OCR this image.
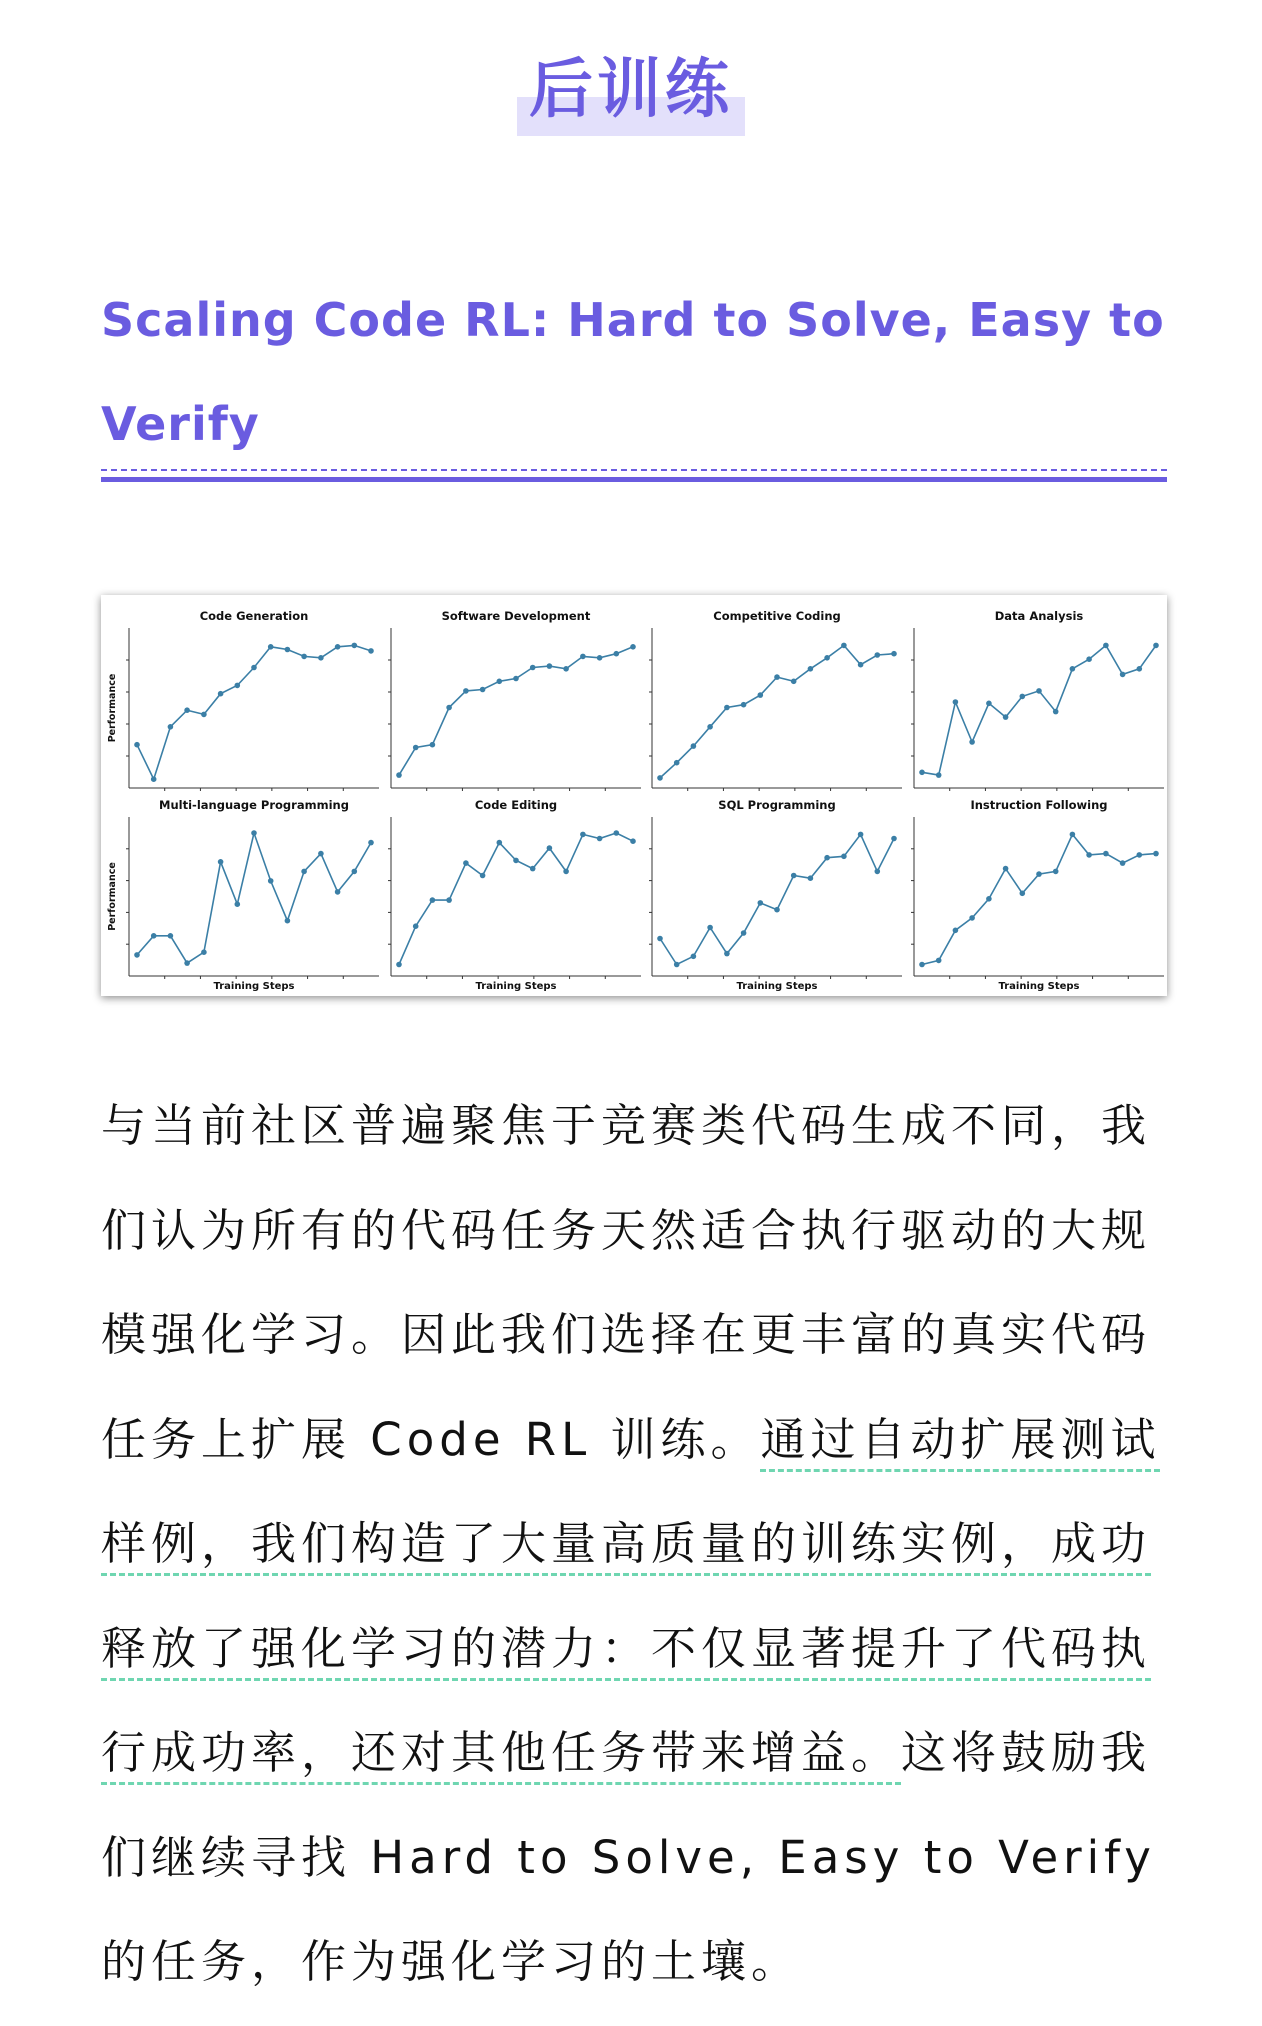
后训练
Scaling Code RL: Hard to Solve, Easy to Verify
Code Generation
Performance
Software Development	Competitive Coding	Data Analysis
Multi-language Programming
Performance
Training Steps
Code Editing
Training Steps
SQL Programming
Training Steps
Instruction Following
Training Steps
与当前社区普遍聚焦于竞赛类代码生成不同，我们认为所有的代码任务天然适合执行驱动的大规模强化学习。因此我们选择在更丰富的真实代码任务上扩展 Code RL 训练。通过自动扩展测试样例，我们构造了大量高质量的训练实例，成功释放了强化学习的潜力：不仅显著提升了代码执行成功率，还对其他任务带来增益。这将鼓励我们继续寻找 Hard to Solve, Easy to Verify 的任务，作为强化学习的土壤。
